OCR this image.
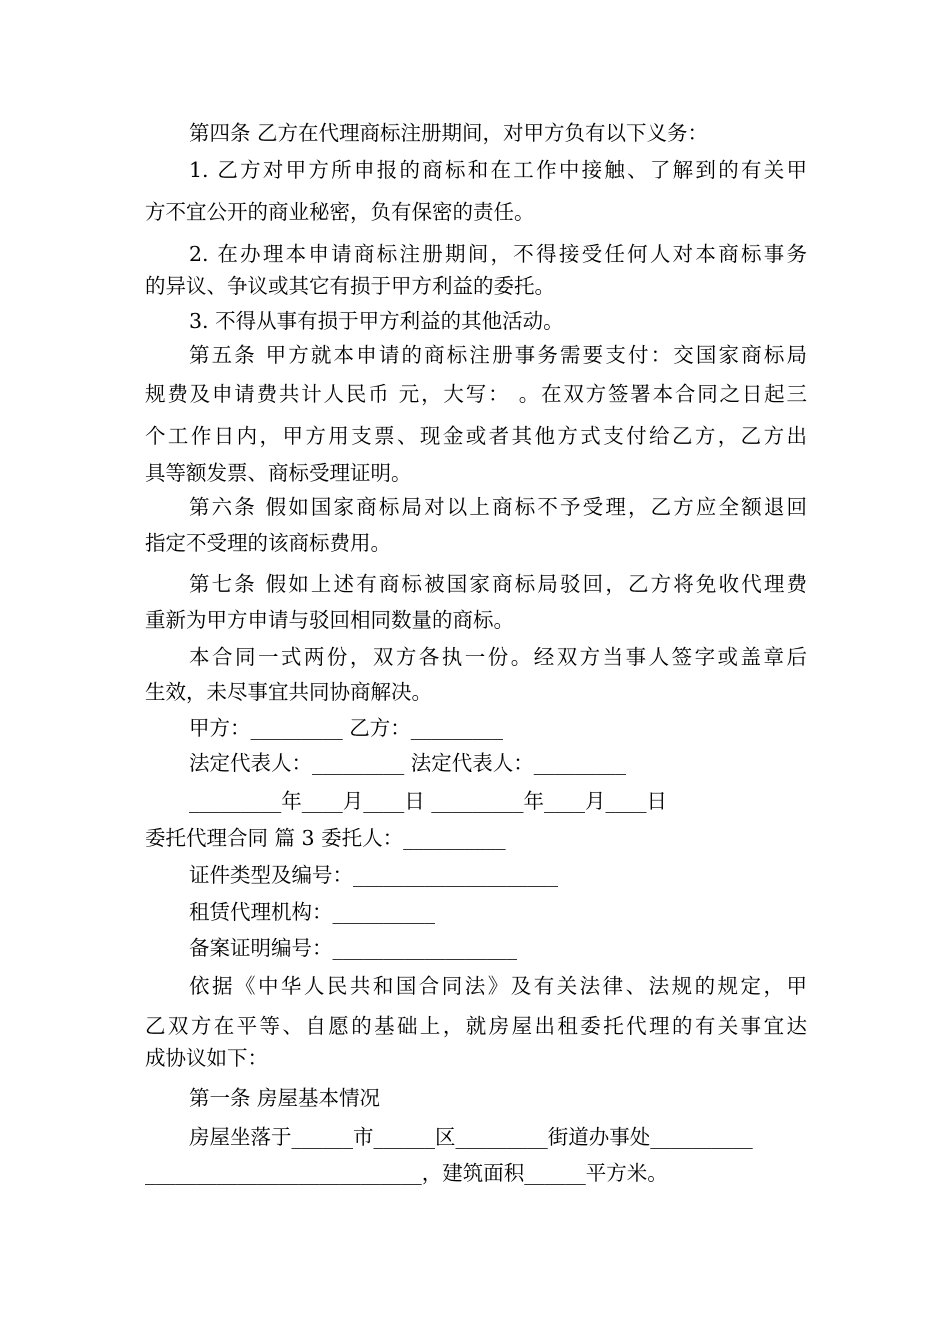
第四条 乙方在代理商标注册期间，对甲方负有以下义务：
1. 乙方对甲方所申报的商标和在工作中接触、了解到的有关甲
方不宜公开的商业秘密，负有保密的责任。
2. 在办理本申请商标注册期间，不得接受任何人对本商标事务
的异议、争议或其它有损于甲方利益的委托。
3. 不得从事有损于甲方利益的其他活动。
第五条 甲方就本申请的商标注册事务需要支付：交国家商标局
规费及申请费共计人民币 元，大写： 。在双方签署本合同之日起三
个工作日内，甲方用支票、现金或者其他方式支付给乙方，乙方出
具等额发票、商标受理证明。
第六条 假如国家商标局对以上商标不予受理，乙方应全额退回
指定不受理的该商标费用。
第七条 假如上述有商标被国家商标局驳回，乙方将免收代理费
重新为甲方申请与驳回相同数量的商标。
本合同一式两份，双方各执一份。经双方当事人签字或盖章后
生效，未尽事宜共同协商解决。
甲方：_________ 乙方：_________
法定代表人：_________ 法定代表人：_________
_________年____月____日 _________年____月____日
委托代理合同 篇 3 委托人：__________
证件类型及编号：____________________
租赁代理机构：__________
备案证明编号：__________________
依据《中华人民共和国合同法》及有关法律、法规的规定，甲
乙双方在平等、自愿的基础上，就房屋出租委托代理的有关事宜达
成协议如下：
第一条 房屋基本情况
房屋坐落于______市______区_________街道办事处__________
___________________________，建筑面积______平方米。
